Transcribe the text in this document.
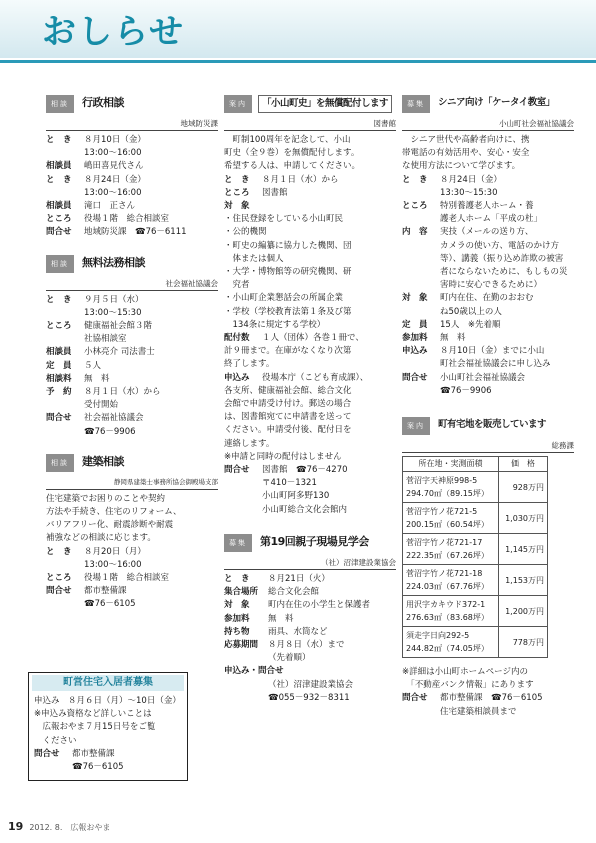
おしらせ
相談	行政相談
地域防災課
と　き	８月10日（金）
13:00～16:00
相談員	嶋田喜見代さん
と　き	８月24日（金）
13:00～16:00
相談員	滝口　正さん
ところ	役場１階　総合相談室
問合せ	地域防災課　☎76－6111
相談	無料法務相談
社会福祉協議会
と　き	９月５日（水）
13:00～15:30
ところ	健康福祉会館３階
社協相談室
相談員	小林亮介 司法書士
定　員	５人
相談料	無　料
予　約	８月１日（水）から
受付開始
問合せ	社会福祉協議会
☎76－9906
相談	建築相談
静岡県建築士事務所協会御殿場支部
住宅建築でお困りのことや契約
方法や手続き、住宅のリフォーム、
バリアフリー化、耐震診断や耐震
補強などの相談に応じます。
と　き	８月20日（月）
13:00～16:00
ところ	役場１階　総合相談室
問合せ	都市整備課
☎76－6105
町営住宅入居者募集
申込み　８月６日（月）～10日（金）
※申込み資格など詳しいことは
　広報おやま７月15日号をご覧
　ください
問合せ	都市整備課
☎76－6105
案内	「小山町史」を無償配付します
図書館
　町制100周年を記念して、小山
町史（全９巻）を無償配付します。
希望する人は、申請してください。
と　き	８月１日（水）から
ところ	図書館
対　象
・住民登録をしている小山町民
・公的機関
・町史の編纂に協力した機関、団
　体または個人
・大学・博物館等の研究機関、研
　究者
・小山町企業懇話会の所属企業
・学校（学校教育法第１条及び第
　134条に規定する学校）
配付数	１人（団体）各巻１冊で、
計９冊まで。在庫がなくなり次第
終了します。
申込み	役場本庁（こども育成課）、
各支所、健康福祉会館、総合文化
会館で申請受け付け。郵送の場合
は、図書館宛てに申請書を送って
ください。申請受付後、配付日を
連絡します。
※申請と同時の配付はしません
問合せ	図書館　☎76－4270
〒410－1321
小山町阿多野130
小山町総合文化会館内
募集	第19回親子現場見学会
（社）沼津建設業協会
と　き	８月21日（火）
集合場所	総合文化会館
対　象	町内在住の小学生と保護者
参加料	無　料
持ち物	雨具、水筒など
応募期間	８月８日（水）まで
（先着順）
申込み・問合せ
（社）沼津建設業協会
☎055－932－8311
募集	シニア向け「ケータイ教室」
小山町社会福祉協議会
　シニア世代や高齢者向けに、携
帯電話の有効活用や、安心・安全
な使用方法について学びます。
と　き	８月24日（金）
13:30～15:30
ところ	特別養護老人ホーム・養
護老人ホーム「平成の杜」
内　容	実技（メールの送り方、
カメラの使い方、電話のかけ方
等）、講義（振り込め詐欺の被害
者にならないために、もしもの災
害時に安心できるために）
対　象	町内在住、在勤のおおむ
ね50歳以上の人
定　員	15人　※先着順
参加料	無　料
申込み	８月10日（金）までに小山
町社会福祉協議会に申し込み
問合せ	小山町社会福祉協議会
☎76－9906
案内	町有宅地を販売しています
総務課
所在地・実測面積	価　格

菅沼字天神原998-5
294.70㎡（89.15坪）	928万円

菅沼字竹ノ花721-5
200.15㎡（60.54坪）	1,030万円

菅沼字竹ノ花721-17
222.35㎡（67.26坪）	1,145万円

菅沼字竹ノ花721-18
224.03㎡（67.76坪）	1,153万円

用沢字カキウド372-1
276.63㎡（83.68坪）	1,200万円

須走字日向292-5
244.82㎡（74.05坪）	778万円
※詳細は小山町ホームページ内の
　「不動産バンク情報」にあります
問合せ	都市整備課　☎76－6105
住宅建築相談員まで
19 2012. 8.　広報おやま
